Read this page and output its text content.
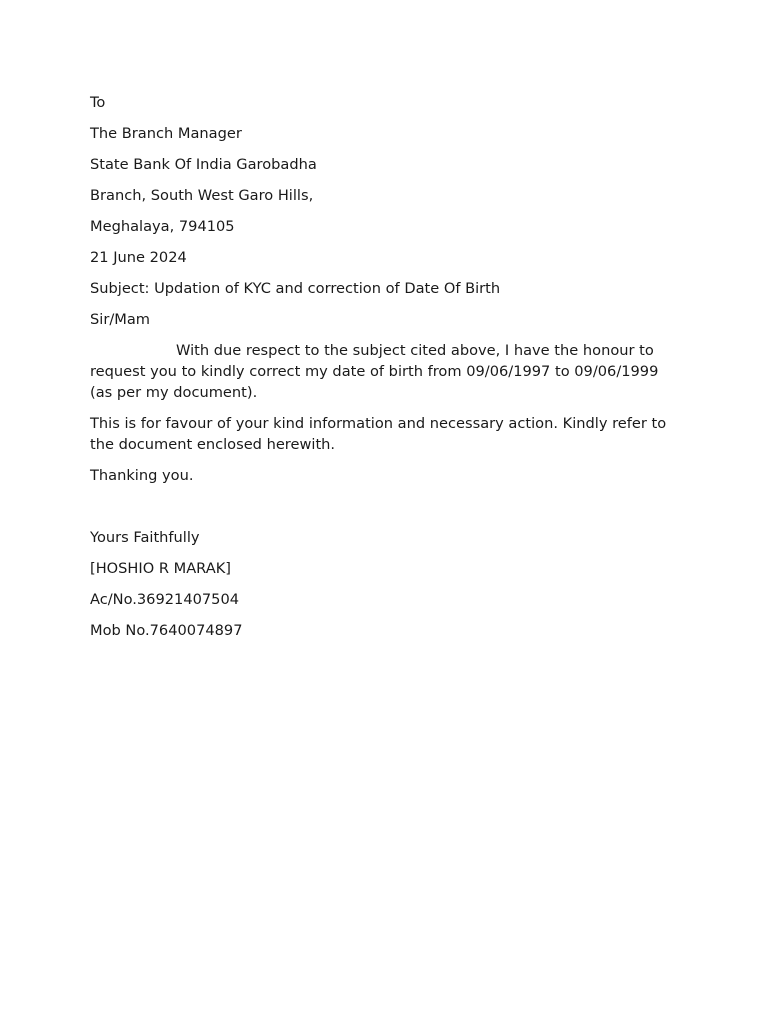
To
The Branch Manager
State Bank Of India Garobadha
Branch, South West Garo Hills,
Meghalaya, 794105
21 June 2024
Subject: Updation of KYC and correction of Date Of Birth
Sir/Mam
With due respect to the subject cited above, I have the honour to request you to kindly correct my date of birth from 09/06/1997 to 09/06/1999 (as per my document).
This is for favour of your kind information and necessary action. Kindly refer to the document enclosed herewith.
Thanking you.
Yours Faithfully
[HOSHIO R MARAK]
Ac/No.36921407504
Mob No.7640074897
